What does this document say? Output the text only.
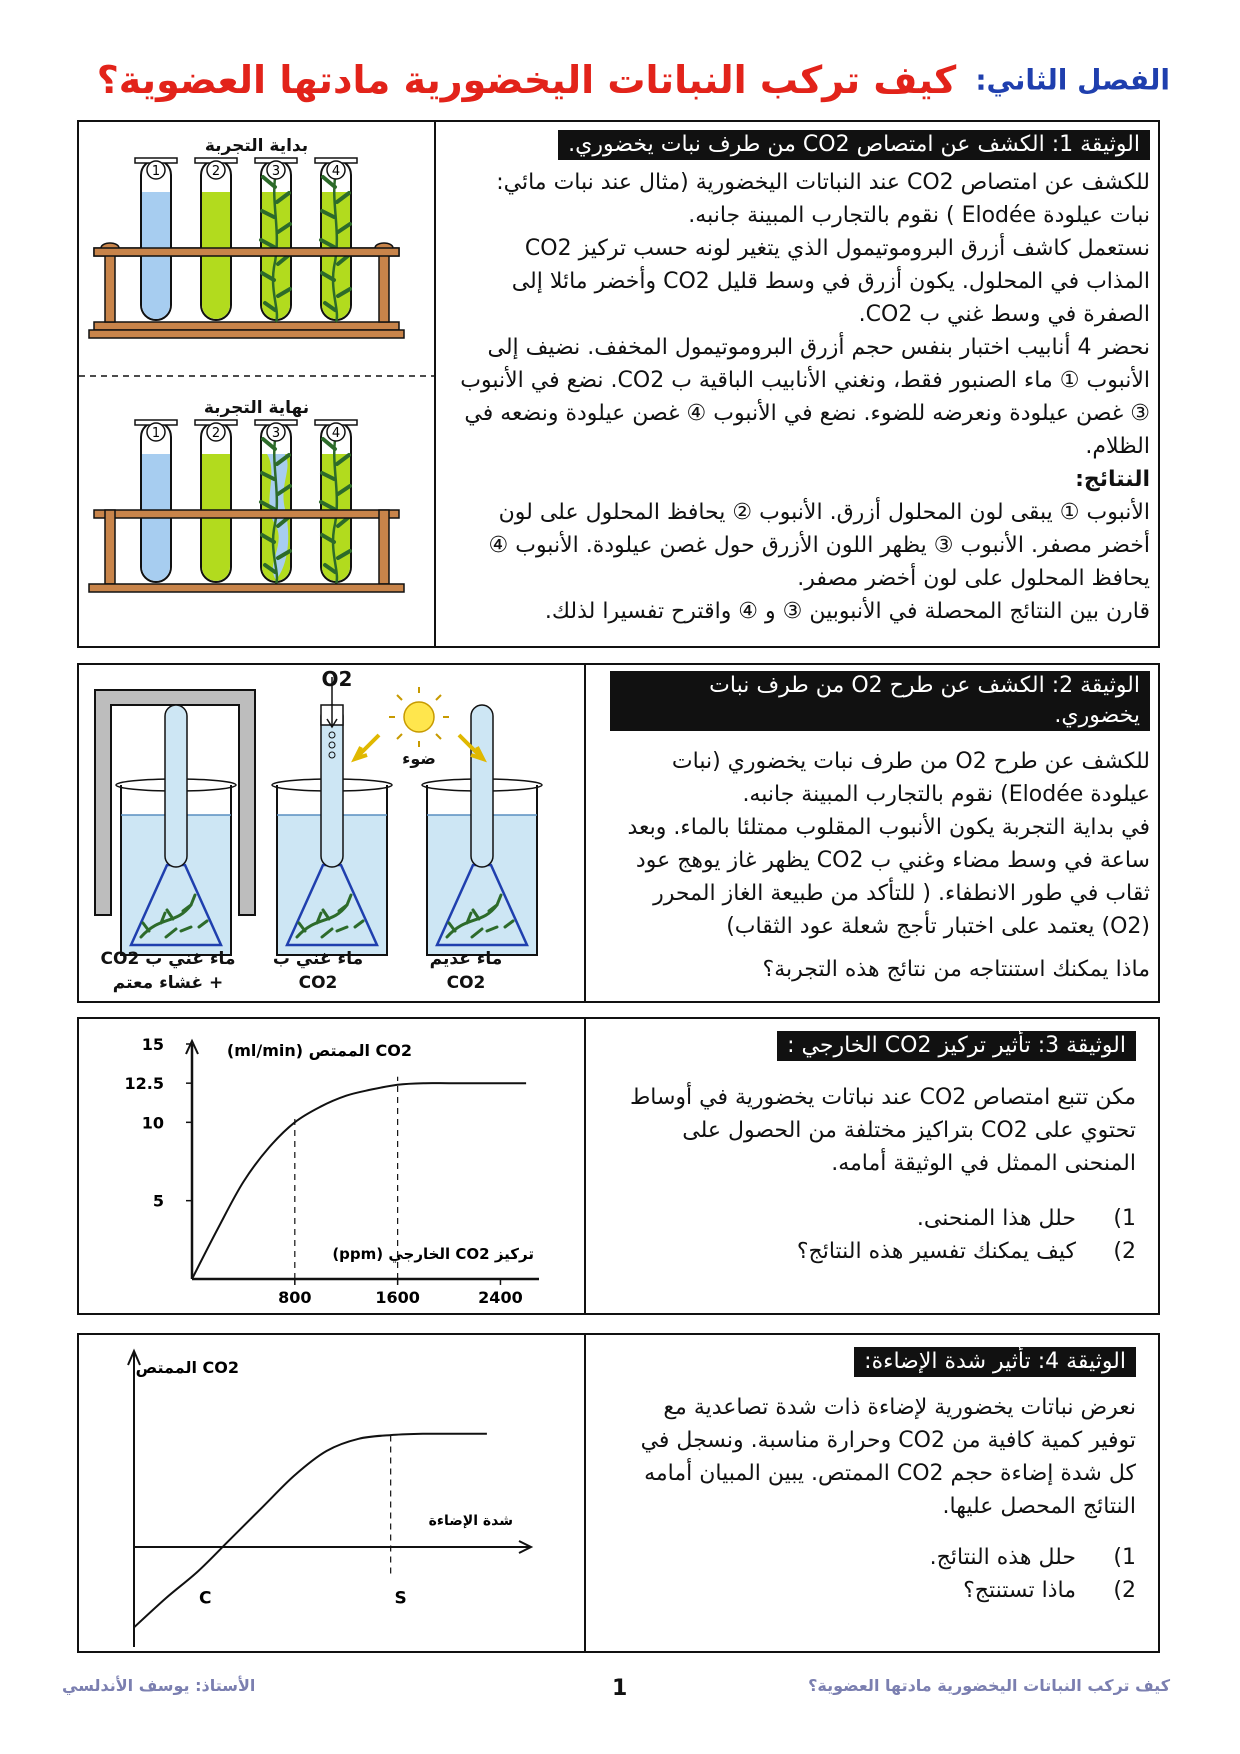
الفصل الثاني: كيف تركب النباتات اليخضورية مادتها العضوية؟
الوثيقة 1: الكشف عن امتصاص CO2 من طرف نبات يخضوري.
للكشف عن امتصاص CO2 عند النباتات اليخضورية (مثال عند نبات مائي: نبات عيلودة Elodée ) نقوم بالتجارب المبينة جانبه.
نستعمل كاشف أزرق البروموتيمول الذي يتغير لونه حسب تركيز CO2 المذاب في المحلول. يكون أزرق في وسط قليل CO2 وأخضر مائلا إلى الصفرة في وسط غني ب CO2.
نحضر 4 أنابيب اختبار بنفس حجم أزرق البروموتيمول المخفف. نضيف إلى الأنبوب ① ماء الصنبور فقط، ونغني الأنابيب الباقية ب CO2. نضع في الأنبوب ③ غصن عيلودة ونعرضه للضوء. نضع في الأنبوب ④ غصن عيلودة ونضعه في الظلام.
النتائج:
الأنبوب ① يبقى لون المحلول أزرق. الأنبوب ② يحافظ المحلول على لون أخضر مصفر. الأنبوب ③ يظهر اللون الأزرق حول غصن عيلودة. الأنبوب ④ يحافظ المحلول على لون أخضر مصفر.
قارن بين النتائج المحصلة في الأنبوبين ③ و ④ واقترح تفسيرا لذلك.
بداية التجربة
نهاية التجربة
1	2	3	4
1	2	3	4
الوثيقة 2: الكشف عن طرح O2 من طرف نبات يخضوري.
للكشف عن طرح O2 من طرف نبات يخضوري (نبات عيلودة Elodée) نقوم بالتجارب المبينة جانبه.
في بداية التجربة يكون الأنبوب المقلوب ممتلئا بالماء. وبعد ساعة في وسط مضاء وغني ب CO2 يظهر غاز يوهج عود ثقاب في طور الانطفاء. ( للتأكد من طبيعة الغاز المحرر (O2) يعتمد على اختبار تأجج شعلة عود الثقاب)
ماذا يمكنك استنتاجه من نتائج هذه التجربة؟
O2
ضوء
ماء غني ب CO2 + غشاء معتم
ماء غني ب CO2
ماء عديم CO2
الوثيقة 3: تأثير تركيز CO2 الخارجي :
مكن تتبع امتصاص CO2 عند نباتات يخضورية في أوساط تحتوي على CO2 بتراكيز مختلفة من الحصول على المنحنى الممثل في الوثيقة أمامه.
1)حلل هذا المنحنى.
2)كيف يمكنك تفسير هذه النتائج؟
CO2 الممتص (ml/min)
تركيز CO2 الخارجي (ppm)
5
10
12.5
15
800	1600	2400
الوثيقة 4: تأثير شدة الإضاءة:
نعرض نباتات يخضورية لإضاءة ذات شدة تصاعدية مع توفير كمية كافية من CO2 وحرارة مناسبة. ونسجل في كل شدة إضاءة حجم CO2 الممتص. يبين المبيان أمامه النتائج المحصل عليها.
1)حلل هذه النتائج.
2)ماذا تستنتج؟
CO2 الممتص
شدة الإضاءة
C	S
كيف تركب النباتات اليخضورية مادتها العضوية؟
1
الأستاذ: يوسف الأندلسي
